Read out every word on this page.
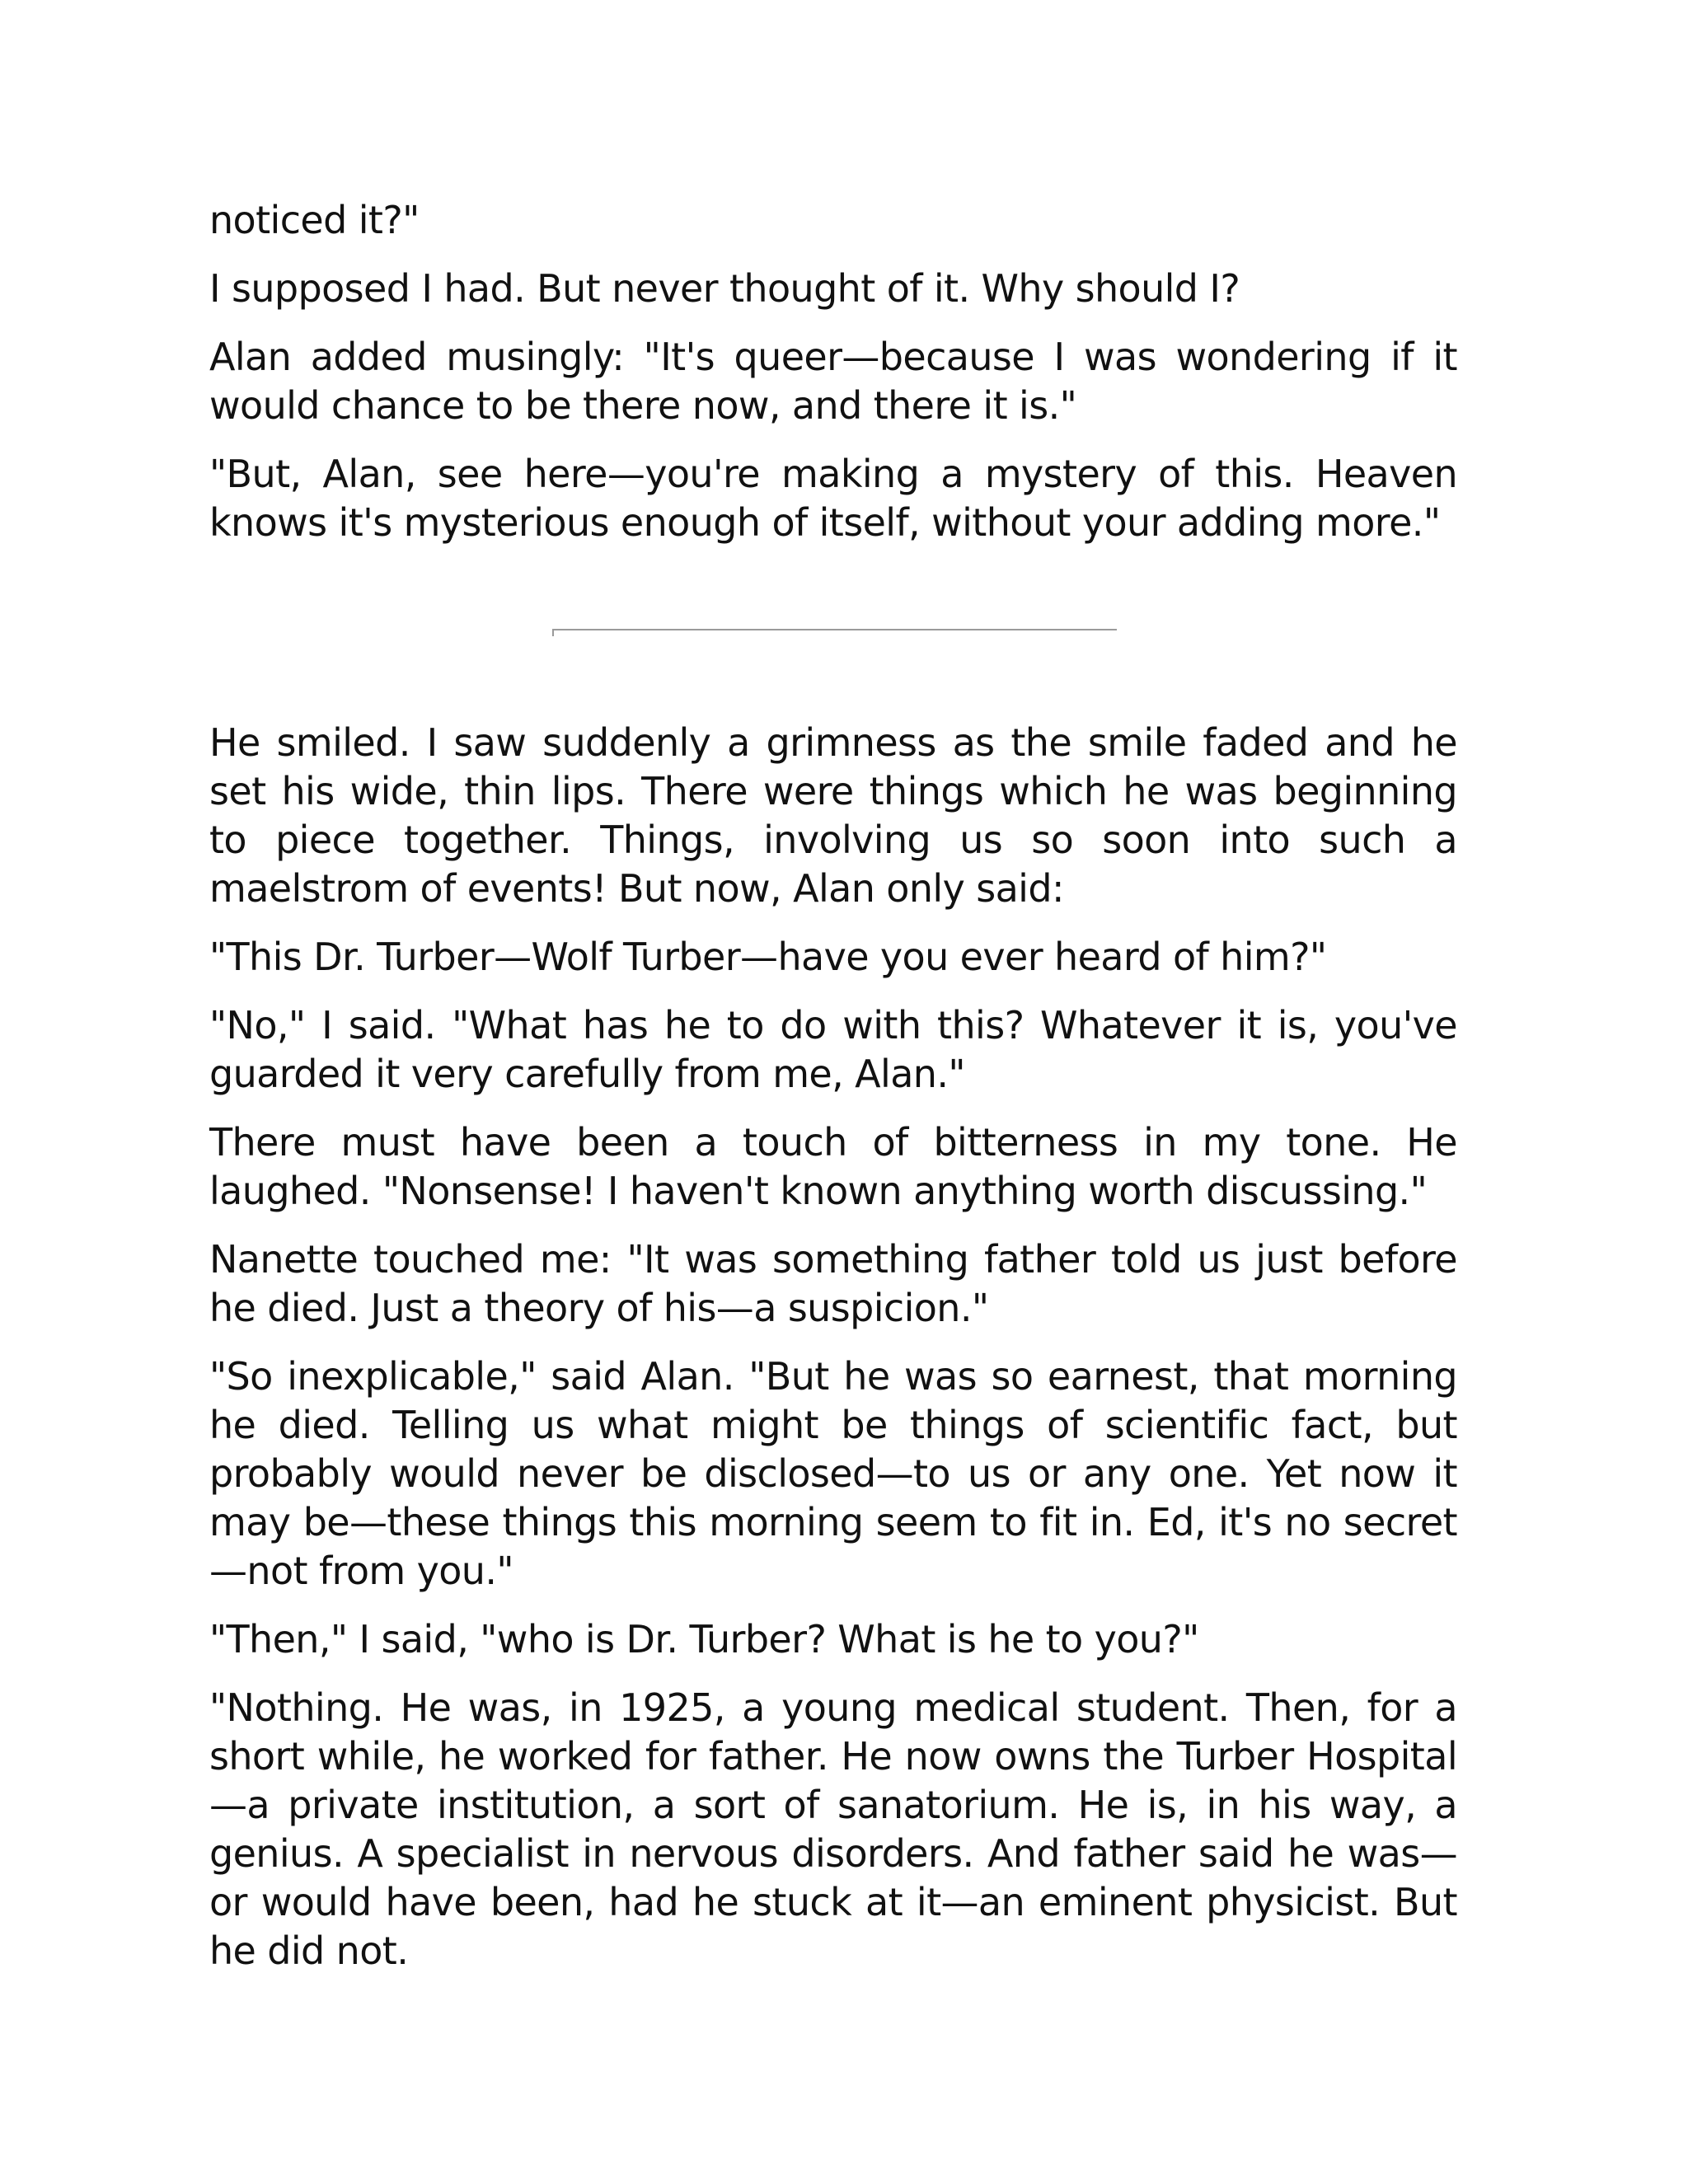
noticed it?"

I supposed I had. But never thought of it. Why should I?

Alan added musingly: "It's queer—because I was wondering if it would chance to be there now, and there it is."

"But, Alan, see here—you're making a mystery of this. Heaven knows it's mysterious enough of itself, without your adding more."

He smiled. I saw suddenly a grimness as the smile faded and he set his wide, thin lips. There were things which he was beginning to piece together. Things, involving us so soon into such a maelstrom of events! But now, Alan only said:

"This Dr. Turber—Wolf Turber—have you ever heard of him?"

"No," I said. "What has he to do with this? Whatever it is, you've guarded it very carefully from me, Alan."

There must have been a touch of bitterness in my tone. He laughed. "Nonsense! I haven't known anything worth discussing."

Nanette touched me: "It was something father told us just before he died. Just a theory of his—a suspicion."

"So inexplicable," said Alan. "But he was so earnest, that morning he died. Telling us what might be things of scientific fact, but probably would never be disclosed—to us or any one. Yet now it may be—these things this morning seem to fit in. Ed, it's no secret—not from you."

"Then," I said, "who is Dr. Turber? What is he to you?"

"Nothing. He was, in 1925, a young medical student. Then, for a short while, he worked for father. He now owns the Turber Hospital—a private institution, a sort of sanatorium. He is, in his way, a genius. A specialist in nervous disorders. And father said he was—or would have been, had he stuck at it—an eminent physicist. But he did not.
